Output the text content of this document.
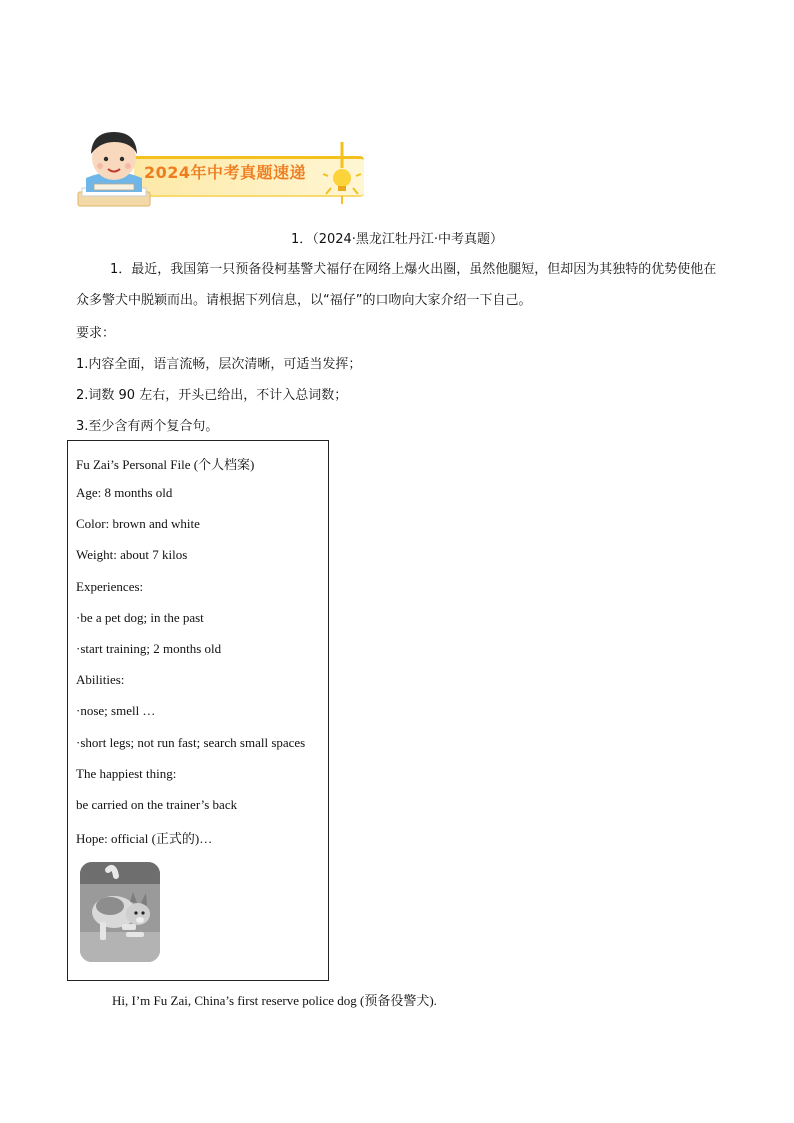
2024年中考真题速递
1．（2024·黑龙江牡丹江·中考真题）
1．最近，我国第一只预备役柯基警犬福仔在网络上爆火出圈，虽然他腿短，但却因为其独特的优势使他在众多警犬中脱颖而出。请根据下列信息，以“福仔”的口吻向大家介绍一下自己。
要求：
1.内容全面，语言流畅，层次清晰，可适当发挥；
2.词数 90 左右，开头已给出，不计入总词数；
3.至少含有两个复合句。
Fu Zai’s Personal File (个人档案)
Age: 8 months old
Color: brown and white
Weight: about 7 kilos
Experiences:
·be a pet dog; in the past
·start training; 2 months old
Abilities:
·nose; smell …
·short legs; not run fast; search small spaces
The happiest thing:
be carried on the trainer’s back
Hope: official (正式的)…
Hi, I’m Fu Zai, China’s first reserve police dog (预备役警犬).
